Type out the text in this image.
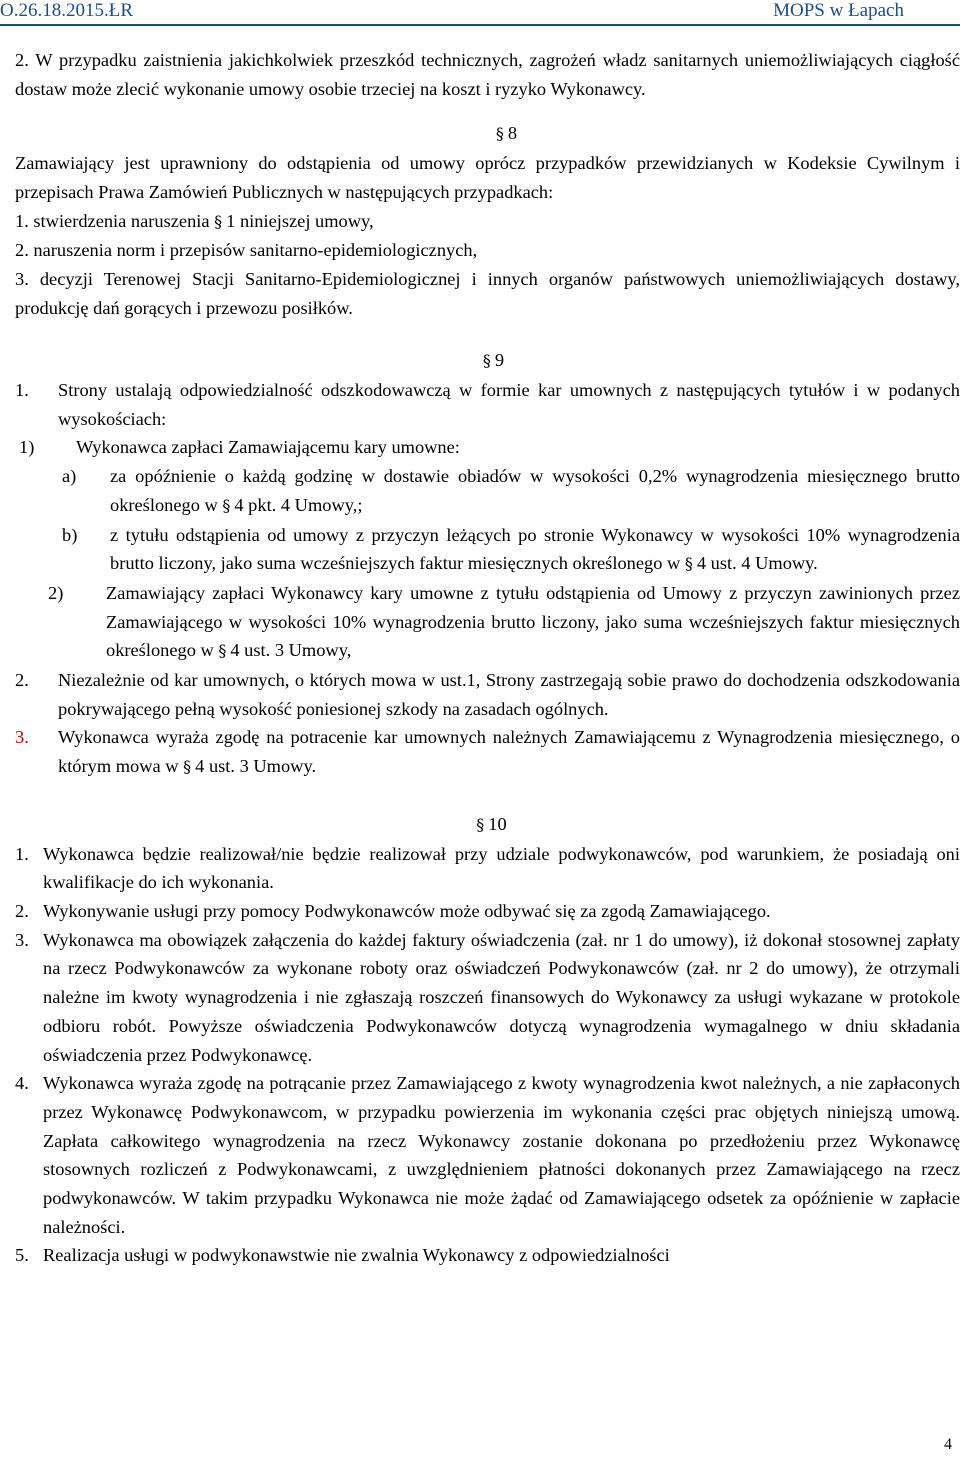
O.26.18.2015.ŁR	MOPS w Łapach

2. W przypadku zaistnienia jakichkolwiek przeszkód technicznych, zagrożeń władz sanitarnych uniemożliwiających ciągłość dostaw może zlecić wykonanie umowy osobie trzeciej na koszt i ryzyko Wykonawcy.

§ 8

Zamawiający jest uprawniony do odstąpienia od umowy oprócz przypadków przewidzianych w Kodeksie Cywilnym i przepisach Prawa Zamówień Publicznych w następujących przypadkach:

1. stwierdzenia naruszenia § 1 niniejszej umowy,

2. naruszenia norm i przepisów sanitarno-epidemiologicznych,

3. decyzji Terenowej Stacji Sanitarno-Epidemiologicznej i innych organów państwowych uniemożliwiających dostawy, produkcję dań gorących i przewozu posiłków.

§ 9

1.	Strony ustalają odpowiedzialność odszkodowawczą w formie kar umownych z następujących tytułów i w podanych wysokościach:
1)	Wykonawca zapłaci Zamawiającemu kary umowne:
a)	za opóźnienie o każdą godzinę w dostawie obiadów w wysokości 0,2% wynagrodzenia miesięcznego brutto określonego w § 4 pkt. 4 Umowy,;
b)	z tytułu odstąpienia od umowy z przyczyn leżących po stronie Wykonawcy w wysokości 10% wynagrodzenia brutto liczony, jako suma wcześniejszych faktur miesięcznych określonego w § 4 ust. 4 Umowy.
2)	Zamawiający zapłaci Wykonawcy kary umowne z tytułu odstąpienia od Umowy z przyczyn zawinionych przez Zamawiającego w wysokości 10% wynagrodzenia brutto liczony, jako suma wcześniejszych faktur miesięcznych określonego w § 4 ust. 3 Umowy,
2.	Niezależnie od kar umownych, o których mowa w ust.1, Strony zastrzegają sobie prawo do dochodzenia odszkodowania pokrywającego pełną wysokość poniesionej szkody na zasadach ogólnych.
3.	Wykonawca wyraża zgodę na potracenie kar umownych należnych Zamawiającemu z Wynagrodzenia miesięcznego, o którym mowa w § 4 ust. 3 Umowy.

§ 10

1. Wykonawca będzie realizował/nie będzie realizował przy udziale podwykonawców, pod warunkiem, że posiadają oni kwalifikacje do ich wykonania.
2. Wykonywanie usługi przy pomocy Podwykonawców może odbywać się za zgodą Zamawiającego.
3. Wykonawca ma obowiązek załączenia do każdej faktury oświadczenia (zał. nr 1 do umowy), iż dokonał stosownej zapłaty na rzecz Podwykonawców za wykonane roboty oraz oświadczeń Podwykonawców (zał. nr 2 do umowy), że otrzymali należne im kwoty wynagrodzenia i nie zgłaszają roszczeń finansowych do Wykonawcy za usługi wykazane w protokole odbioru robót. Powyższe oświadczenia Podwykonawców dotyczą wynagrodzenia wymagalnego w dniu składania oświadczenia przez Podwykonawcę.
4. Wykonawca wyraża zgodę na potrącanie przez Zamawiającego z kwoty wynagrodzenia kwot należnych, a nie zapłaconych przez Wykonawcę Podwykonawcom, w przypadku powierzenia im wykonania części prac objętych niniejszą umową. Zapłata całkowitego wynagrodzenia na rzecz Wykonawcy zostanie dokonana po przedłożeniu przez Wykonawcę stosownych rozliczeń z Podwykonawcami, z uwzględnieniem płatności dokonanych przez Zamawiającego na rzecz podwykonawców. W takim przypadku Wykonawca nie może żądać od Zamawiającego odsetek za opóźnienie w zapłacie należności.
5. Realizacja usługi w podwykonawstwie nie zwalnia Wykonawcy z odpowiedzialności
4
